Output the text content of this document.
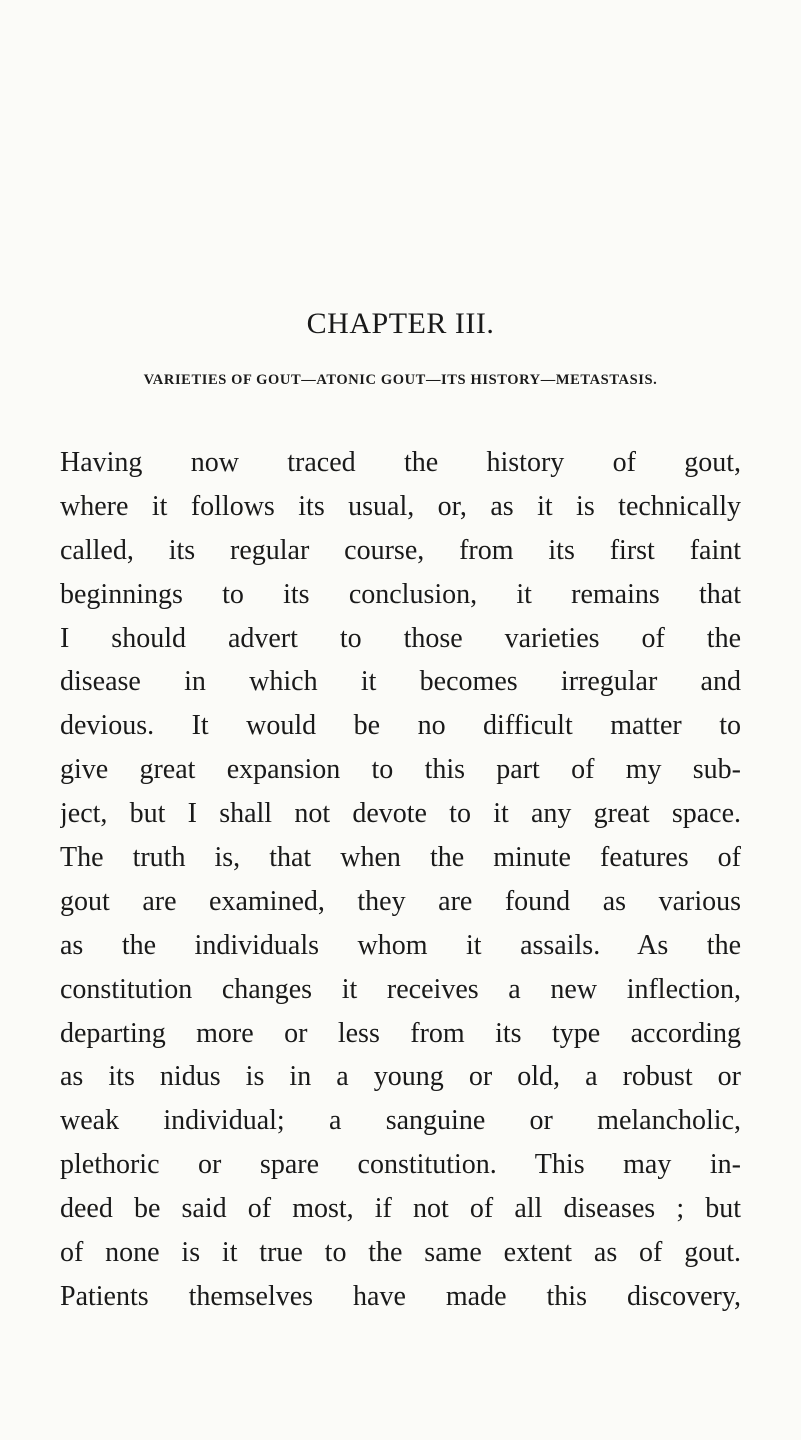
CHAPTER III.
VARIETIES OF GOUT—ATONIC GOUT—ITS HISTORY—METASTASIS.
Having now traced the history of gout,
where it follows its usual, or, as it is technically
called, its regular course, from its first faint
beginnings to its conclusion, it remains that
I should advert to those varieties of the
disease in which it becomes irregular and
devious. It would be no difficult matter to
give great expansion to this part of my sub-
ject, but I shall not devote to it any great space.
The truth is, that when the minute features of
gout are examined, they are found as various
as the individuals whom it assails. As the
constitution changes it receives a new inflection,
departing more or less from its type according
as its nidus is in a young or old, a robust or
weak individual; a sanguine or melancholic,
plethoric or spare constitution. This may in-
deed be said of most, if not of all diseases ; but
of none is it true to the same extent as of gout.
Patients themselves have made this discovery,
